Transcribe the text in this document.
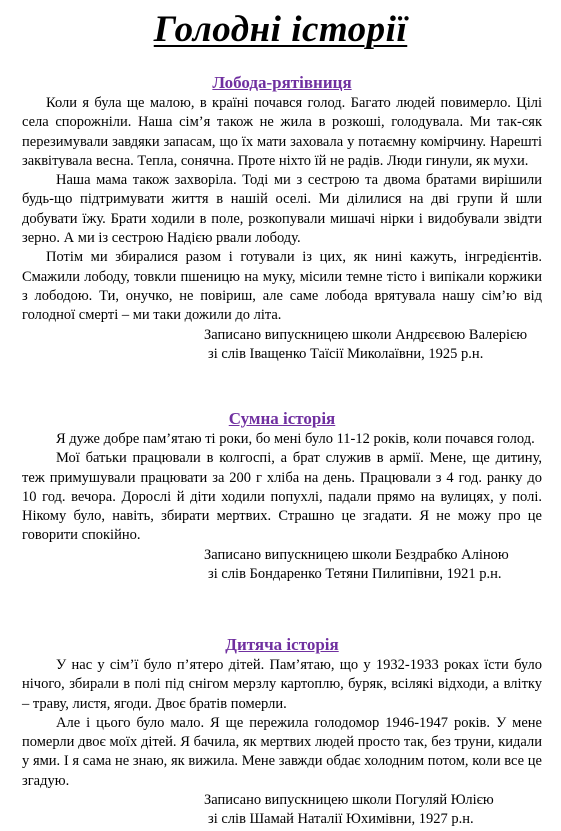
Голодні історії
Лобода-рятівниця

Коли я була ще малою, в країні почався голод. Багато людей повимерло. Цілі села спорожніли. Наша сім’я також не жила в розкоші, голодувала. Ми так-сяк перезимували завдяки запасам, що їх мати заховала у потаємну комірчину. Нарешті заквітувала весна. Тепла, сонячна. Проте ніхто їй не радів. Люди гинули, як мухи.

Наша мама також захворіла. Тоді ми з сестрою та двома братами вирішили будь-що підтримувати життя в нашій оселі. Ми ділилися на дві групи й шли добувати їжу. Брати ходили в поле, розкопували мишачі нірки і видобували звідти зерно. А ми із сестрою Надією рвали лободу.

Потім ми збиралися разом і готували із цих, як нині кажуть, інгредієнтів. Смажили лободу, товкли пшеницю на муку, місили темне тісто і випікали коржики з лободою. Ти, онучко, не повіриш, але саме лобода врятувала нашу сім’ю від голодної смерті – ми таки дожили до літа.

Записано випускницею школи Андрєєвою Валерією
зі слів Іващенко Таїсії Миколаївни, 1925 р.н.
Сумна історія

Я дуже добре пам’ятаю ті роки, бо мені було 11-12 років, коли почався голод.

Мої батьки працювали в колгоспі, а брат служив в армії. Мене, ще дитину, теж примушували працювати за 200 г хліба на день. Працювали з 4 год. ранку до 10 год. вечора. Дорослі й діти ходили попухлі, падали прямо на вулицях, у полі. Нікому було, навіть, збирати мертвих. Страшно це згадати. Я не можу про це говорити спокійно.

Записано випускницею школи Бездрабко Аліною
зі слів Бондаренко Тетяни Пилипівни, 1921 р.н.
Дитяча історія

У нас у сім’ї було п’ятеро дітей. Пам’ятаю, що у 1932-1933 роках їсти було нічого, збирали в полі під снігом мерзлу картоплю, буряк, всілякі відходи, а влітку – траву, листя, ягоди. Двоє братів померли.

Але і цього було мало. Я ще пережила голодомор 1946-1947 років. У мене померли двоє моїх дітей. Я бачила, як мертвих людей просто так, без труни, кидали у ями. І я сама не знаю, як вижила. Мене завжди обдає холодним потом, коли все це згадую.

Записано випускницею школи Погуляй Юлією
зі слів Шамай Наталії Юхимівни, 1927 р.н.
